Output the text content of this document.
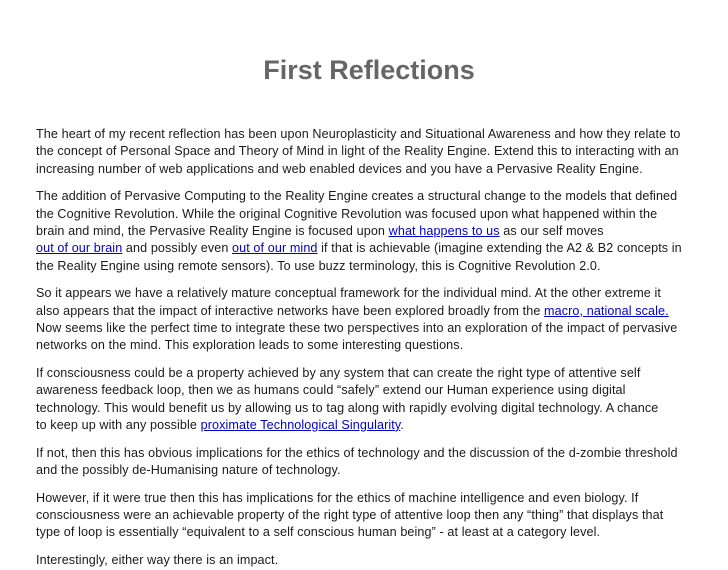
First Reflections

The heart of my recent reflection has been upon Neuroplasticity and Situational Awareness and how they relate to
the concept of Personal Space and Theory of Mind in light of the Reality Engine. Extend this to interacting with an
increasing number of web applications and web enabled devices and you have a Pervasive Reality Engine.

The addition of Pervasive Computing to the Reality Engine creates a structural change to the models that defined
the Cognitive Revolution. While the original Cognitive Revolution was focused upon what happened within the
brain and mind, the Pervasive Reality Engine is focused upon what happens to us as our self moves
out of our brain and possibly even out of our mind if that is achievable (imagine extending the A2 & B2 concepts in
the Reality Engine using remote sensors). To use buzz terminology, this is Cognitive Revolution 2.0.

So it appears we have a relatively mature conceptual framework for the individual mind. At the other extreme it
also appears that the impact of interactive networks have been explored broadly from the macro, national scale.
Now seems like the perfect time to integrate these two perspectives into an exploration of the impact of pervasive
networks on the mind. This exploration leads to some interesting questions.

If consciousness could be a property achieved by any system that can create the right type of attentive self
awareness feedback loop, then we as humans could “safely” extend our Human experience using digital
technology. This would benefit us by allowing us to tag along with rapidly evolving digital technology. A chance
to keep up with any possible proximate Technological Singularity.

If not, then this has obvious implications for the ethics of technology and the discussion of the d-zombie threshold
and the possibly de-Humanising nature of technology.

However, if it were true then this has implications for the ethics of machine intelligence and even biology. If
consciousness were an achievable property of the right type of attentive loop then any “thing” that displays that
type of loop is essentially “equivalent to a self conscious human being” - at least at a category level.

Interestingly, either way there is an impact.
